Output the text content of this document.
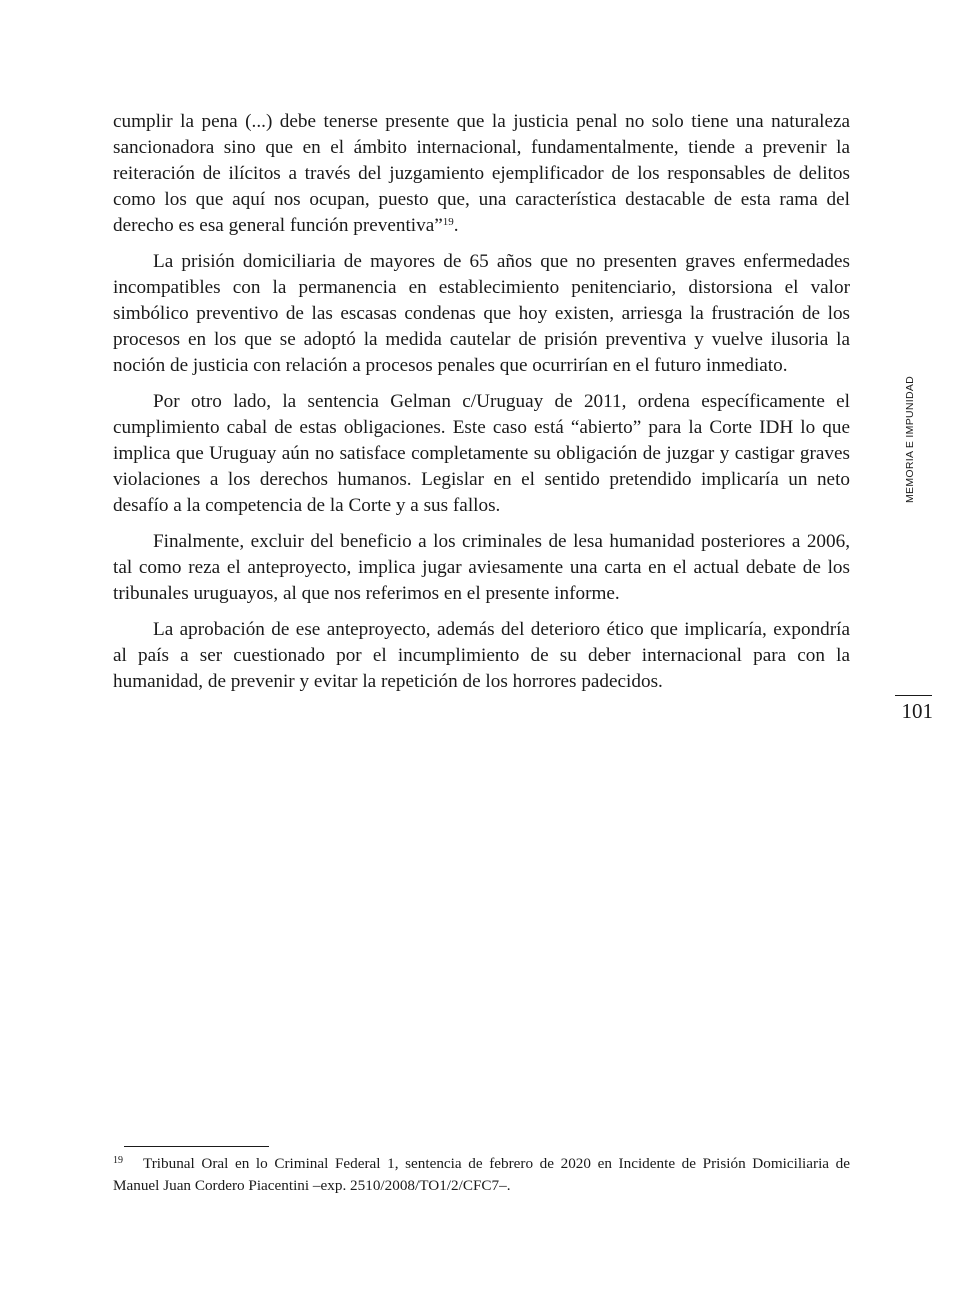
cumplir la pena (...) debe tenerse presente que la justicia penal no solo tiene una naturaleza sancionadora sino que en el ámbito internacional, fundamentalmente, tiende a prevenir la reiteración de ilícitos a través del juzgamiento ejemplificador de los responsables de delitos como los que aquí nos ocupan, puesto que, una característica destacable de esta rama del derecho es esa general función preventiva”$^{19}$.

La prisión domiciliaria de mayores de 65 años que no presenten graves enfermedades incompatibles con la permanencia en establecimiento penitenciario, distorsiona el valor simbólico preventivo de las escasas condenas que hoy existen, arriesga la frustración de los procesos en los que se adoptó la medida cautelar de prisión preventiva y vuelve ilusoria la noción de justicia con relación a procesos penales que ocurrirían en el futuro inmediato.

Por otro lado, la sentencia Gelman c/Uruguay de 2011, ordena específicamente el cumplimiento cabal de estas obligaciones. Este caso está “abierto” para la Corte IDH lo que implica que Uruguay aún no satisface completamente su obligación de juzgar y castigar graves violaciones a los derechos humanos. Legislar en el sentido pretendido implicaría un neto desafío a la competencia de la Corte y a sus fallos.

Finalmente, excluir del beneficio a los criminales de lesa humanidad posteriores a 2006, tal como reza el anteproyecto, implica jugar aviesamente una carta en el actual debate de los tribunales uruguayos, al que nos referimos en el presente informe.

La aprobación de ese anteproyecto, además del deterioro ético que implicaría, expondría al país a ser cuestionado por el incumplimiento de su deber internacional para con la humanidad, de prevenir y evitar la repetición de los horrores padecidos.

MEMORIA E IMPUNIDAD
101
19 Tribunal Oral en lo Criminal Federal 1, sentencia de febrero de 2020 en Incidente de Prisión Domiciliaria de Manuel Juan Cordero Piacentini –exp. 2510/2008/TO1/2/CFC7–.
